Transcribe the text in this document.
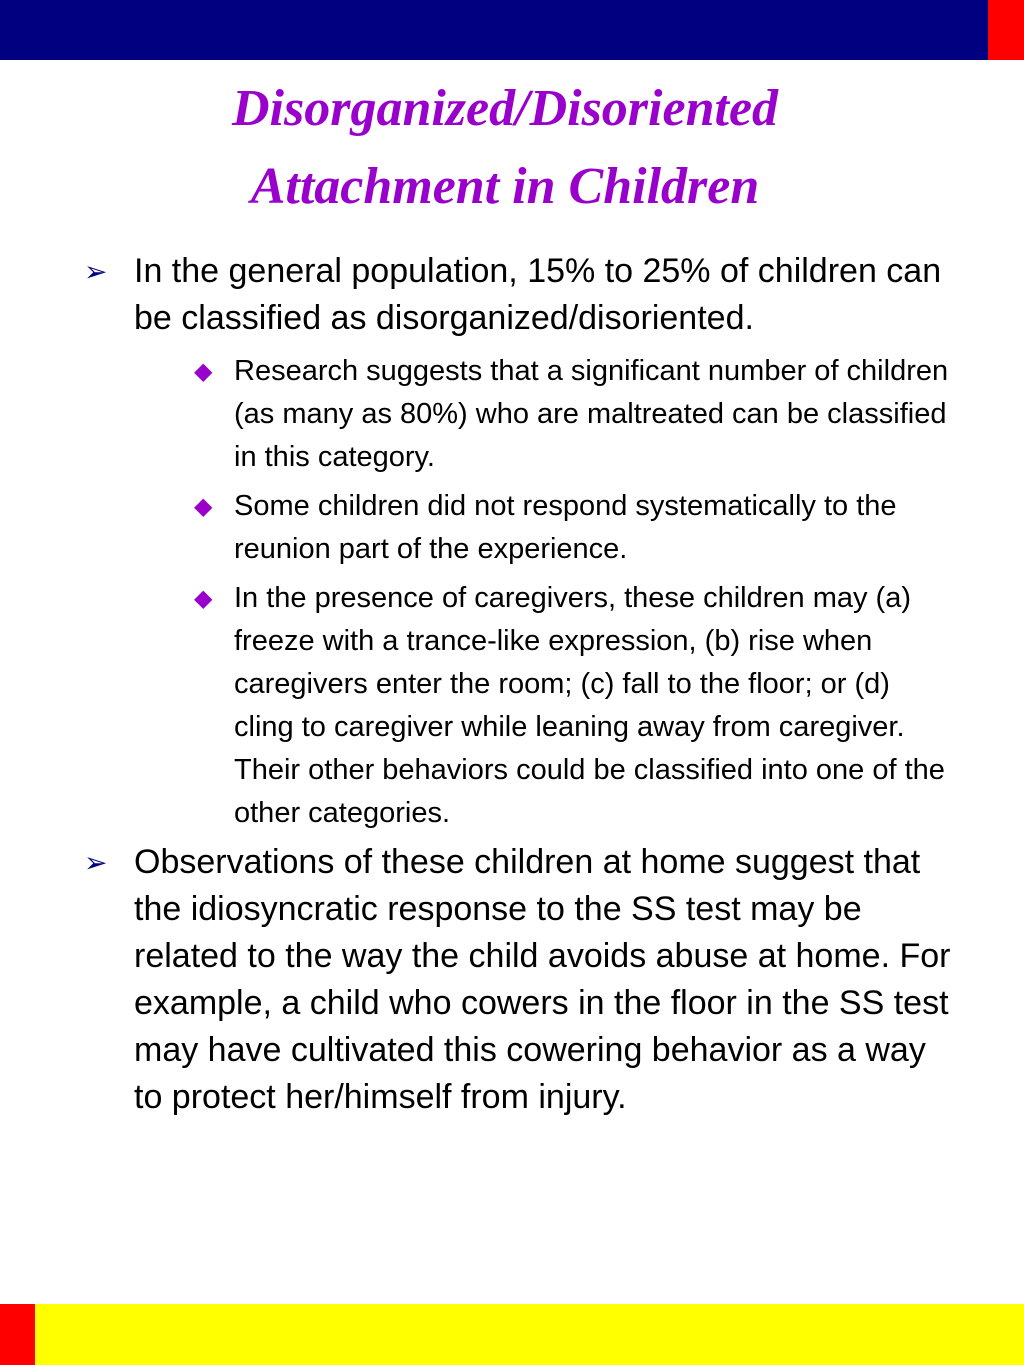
Disorganized/Disoriented
Attachment in Children
➢ In the general population, 15% to 25% of children can be classified as disorganized/disoriented.
◆ Research suggests that a significant number of children (as many as 80%) who are maltreated can be classified in this category.
◆ Some children did not respond systematically to the reunion part of the experience.
◆ In the presence of caregivers, these children may (a) freeze with a trance-like expression, (b) rise when caregivers enter the room; (c) fall to the floor; or (d) cling to caregiver while leaning away from caregiver. Their other behaviors could be classified into one of the other categories.
➢ Observations of these children at home suggest that the idiosyncratic response to the SS test may be related to the way the child avoids abuse at home. For example, a child who cowers in the floor in the SS test may have cultivated this cowering behavior as a way to protect her/himself from injury.
